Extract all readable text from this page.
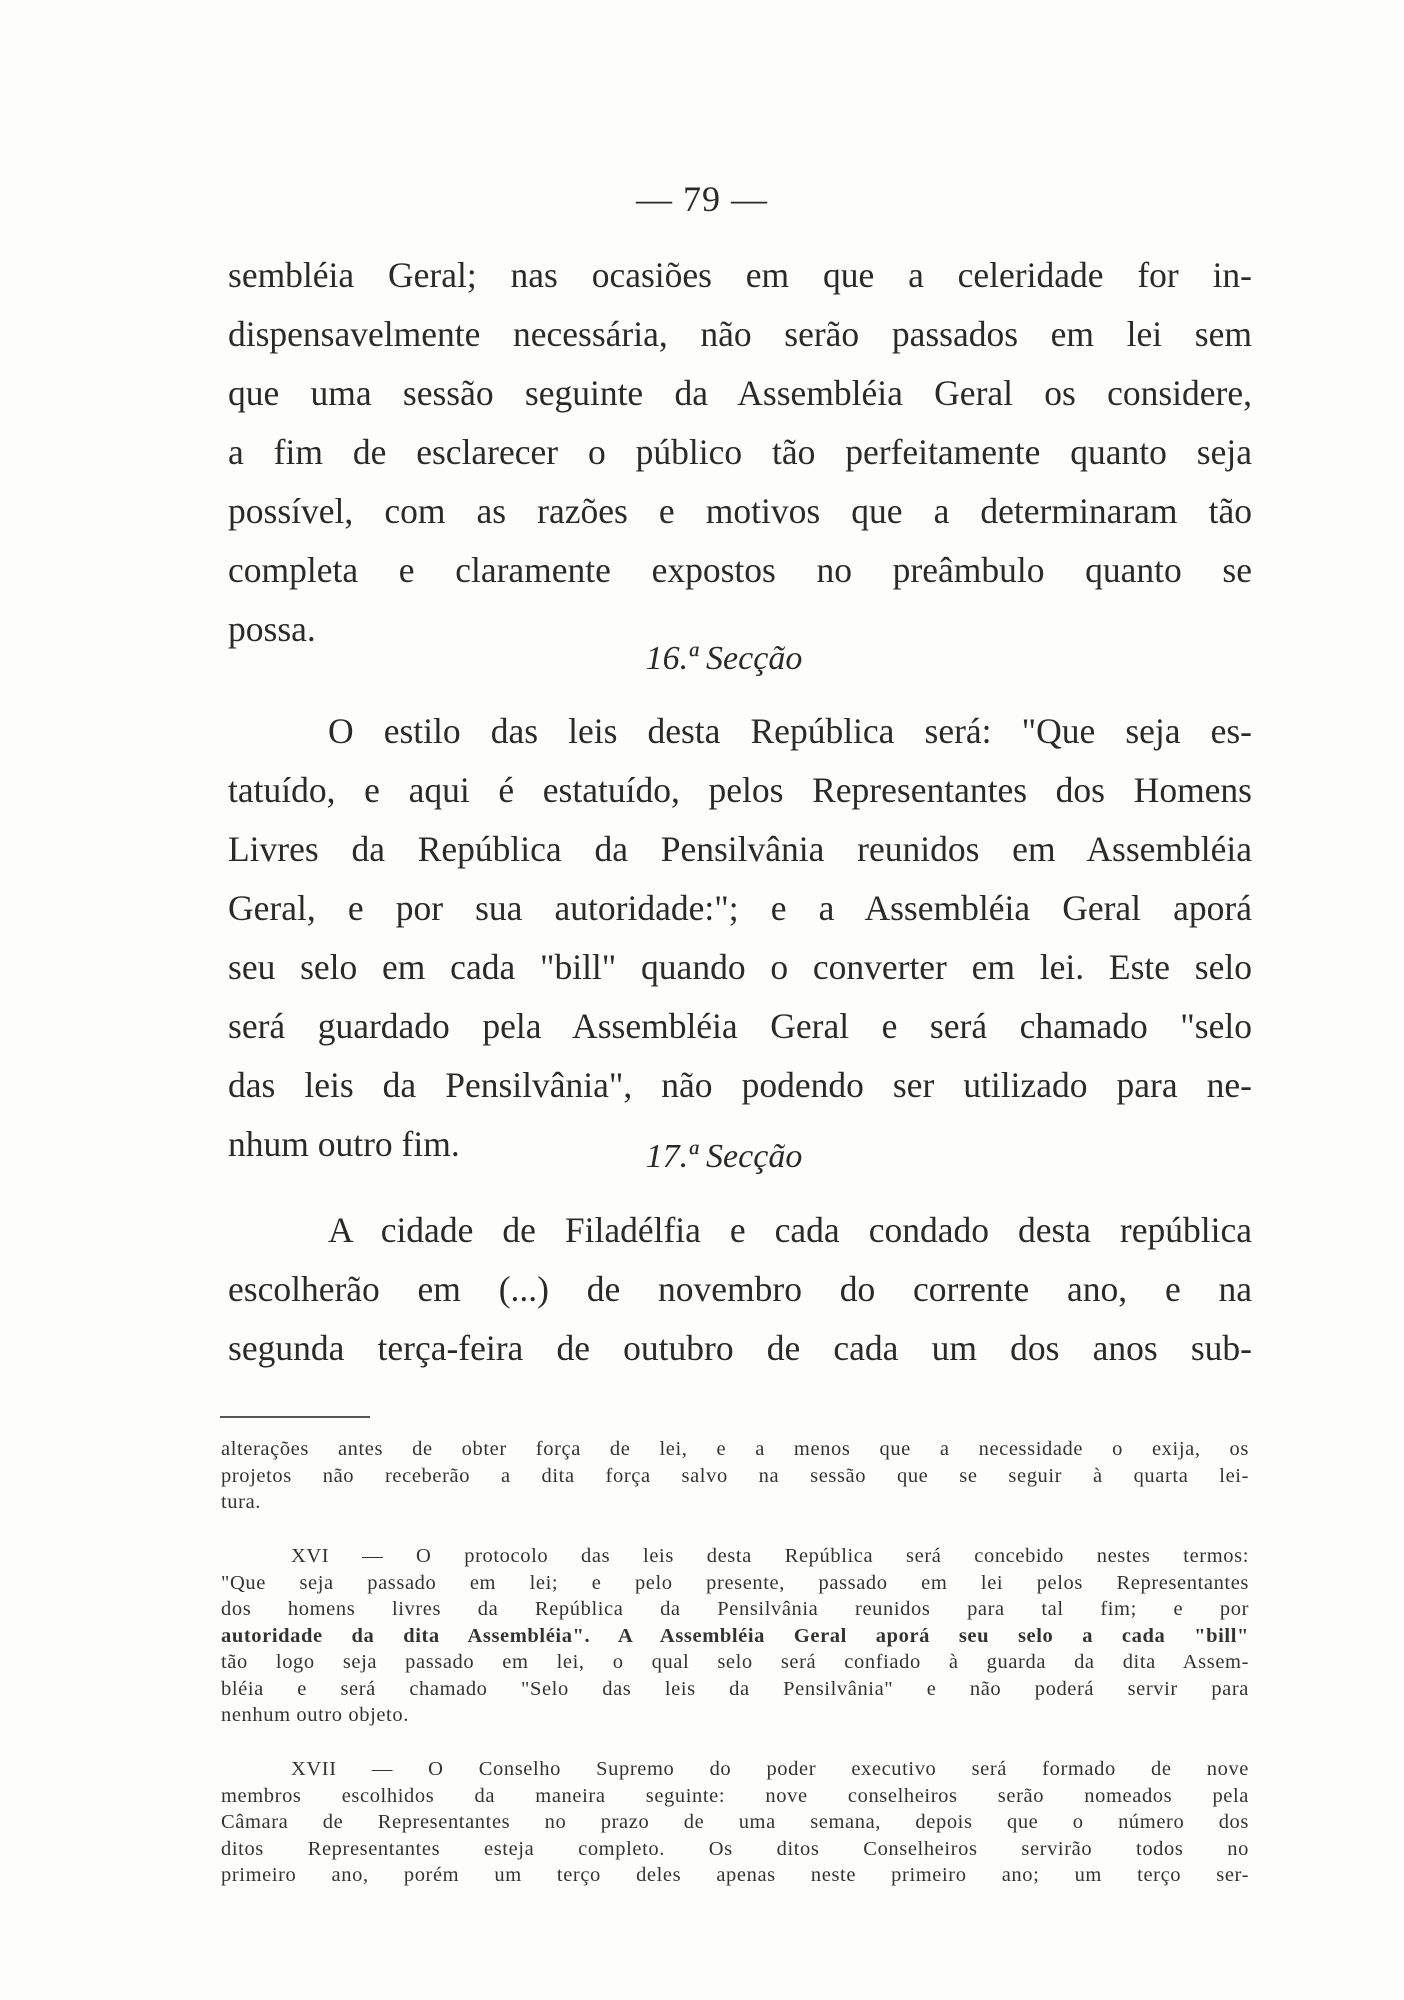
— 79 —
sembléia Geral; nas ocasiões em que a celeridade for in-
dispensavelmente necessária, não serão passados em lei sem
que uma sessão seguinte da Assembléia Geral os considere,
a fim de esclarecer o público tão perfeitamente quanto seja
possível, com as razões e motivos que a determinaram tão
completa e claramente expostos no preâmbulo quanto se
possa.
16.ª Secção
O estilo das leis desta República será: "Que seja es-
tatuído, e aqui é estatuído, pelos Representantes dos Homens
Livres da República da Pensilvânia reunidos em Assembléia
Geral, e por sua autoridade:"; e a Assembléia Geral aporá
seu selo em cada "bill" quando o converter em lei. Este selo
será guardado pela Assembléia Geral e será chamado "selo
das leis da Pensilvânia", não podendo ser utilizado para ne-
nhum outro fim.	17.ª Secção
A cidade de Filadélfia e cada condado desta república
escolherão em (...) de novembro do corrente ano, e na
segunda terça-feira de outubro de cada um dos anos sub-
alterações antes de obter força de lei, e a menos que a necessidade o exija, os
projetos não receberão a dita força salvo na sessão que se seguir à quarta lei-
tura.
XVI — O protocolo das leis desta República será concebido nestes termos:
"Que seja passado em lei; e pelo presente, passado em lei pelos Representantes
dos homens livres da República da Pensilvânia reunidos para tal fim; e por
autoridade da dita Assembléia". A Assembléia Geral aporá seu selo a cada "bill"
tão logo seja passado em lei, o qual selo será confiado à guarda da dita Assem-
bléia e será chamado "Selo das leis da Pensilvânia" e não poderá servir para
nenhum outro objeto.
XVII — O Conselho Supremo do poder executivo será formado de nove
membros escolhidos da maneira seguinte: nove conselheiros serão nomeados pela
Câmara de Representantes no prazo de uma semana, depois que o número dos
ditos Representantes esteja completo. Os ditos Conselheiros servirão todos no
primeiro ano, porém um terço deles apenas neste primeiro ano; um terço ser-
